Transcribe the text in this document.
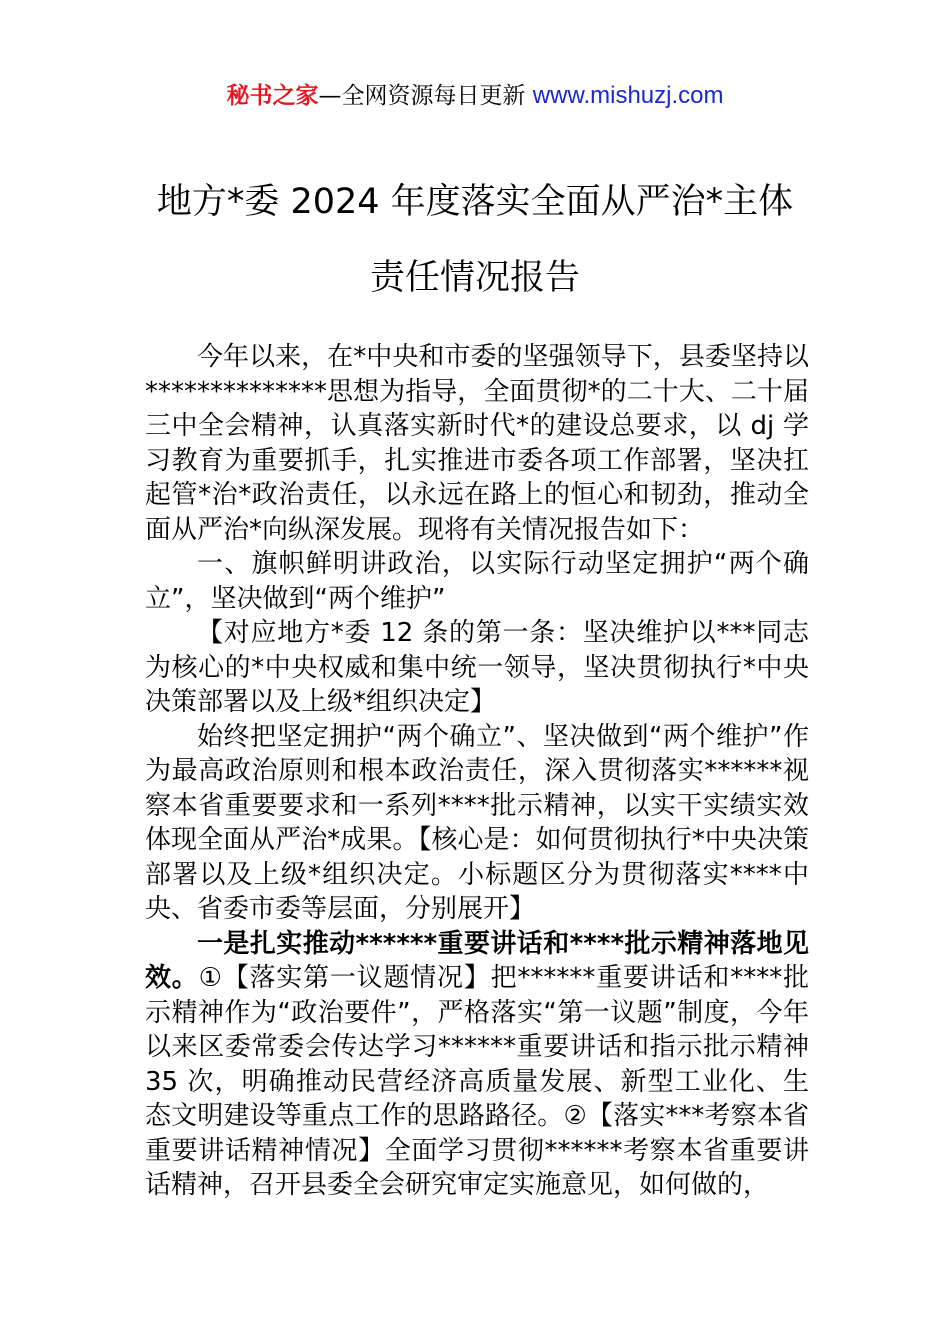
秘书之家—全网资源每日更新 www.mishuzj.com
地方*委 2024 年度落实全面从严治*主体
责任情况报告

今年以来，在*中央和市委的坚强领导下，县委坚持以**************思想为指导，全面贯彻*的二十大、二十届三中全会精神，认真落实新时代*的建设总要求，以 dj 学习教育为重要抓手，扎实推进市委各项工作部署，坚决扛起管*治*政治责任，以永远在路上的恒心和韧劲，推动全面从严治*向纵深发展。现将有关情况报告如下：

一、旗帜鲜明讲政治，以实际行动坚定拥护“两个确立”，坚决做到“两个维护”

【对应地方*委 12 条的第一条：坚决维护以***同志为核心的*中央权威和集中统一领导，坚决贯彻执行*中央决策部署以及上级*组织决定】

始终把坚定拥护“两个确立”、坚决做到“两个维护”作为最高政治原则和根本政治责任，深入贯彻落实******视察本省重要要求和一系列****批示精神，以实干实绩实效体现全面从严治*成果。【核心是：如何贯彻执行*中央决策部署以及上级*组织决定。小标题区分为贯彻落实****中央、省委市委等层面，分别展开】

一是扎实推动******重要讲话和****批示精神落地见效。①【落实第一议题情况】把******重要讲话和****批示精神作为“政治要件”，严格落实“第一议题”制度，今年以来区委常委会传达学习******重要讲话和指示批示精神 35 次，明确推动民营经济高质量发展、新型工业化、生态文明建设等重点工作的思路路径。②【落实***考察本省重要讲话精神情况】全面学习贯彻******考察本省重要讲话精神，召开县委全会研究审定实施意见，如何做的，
